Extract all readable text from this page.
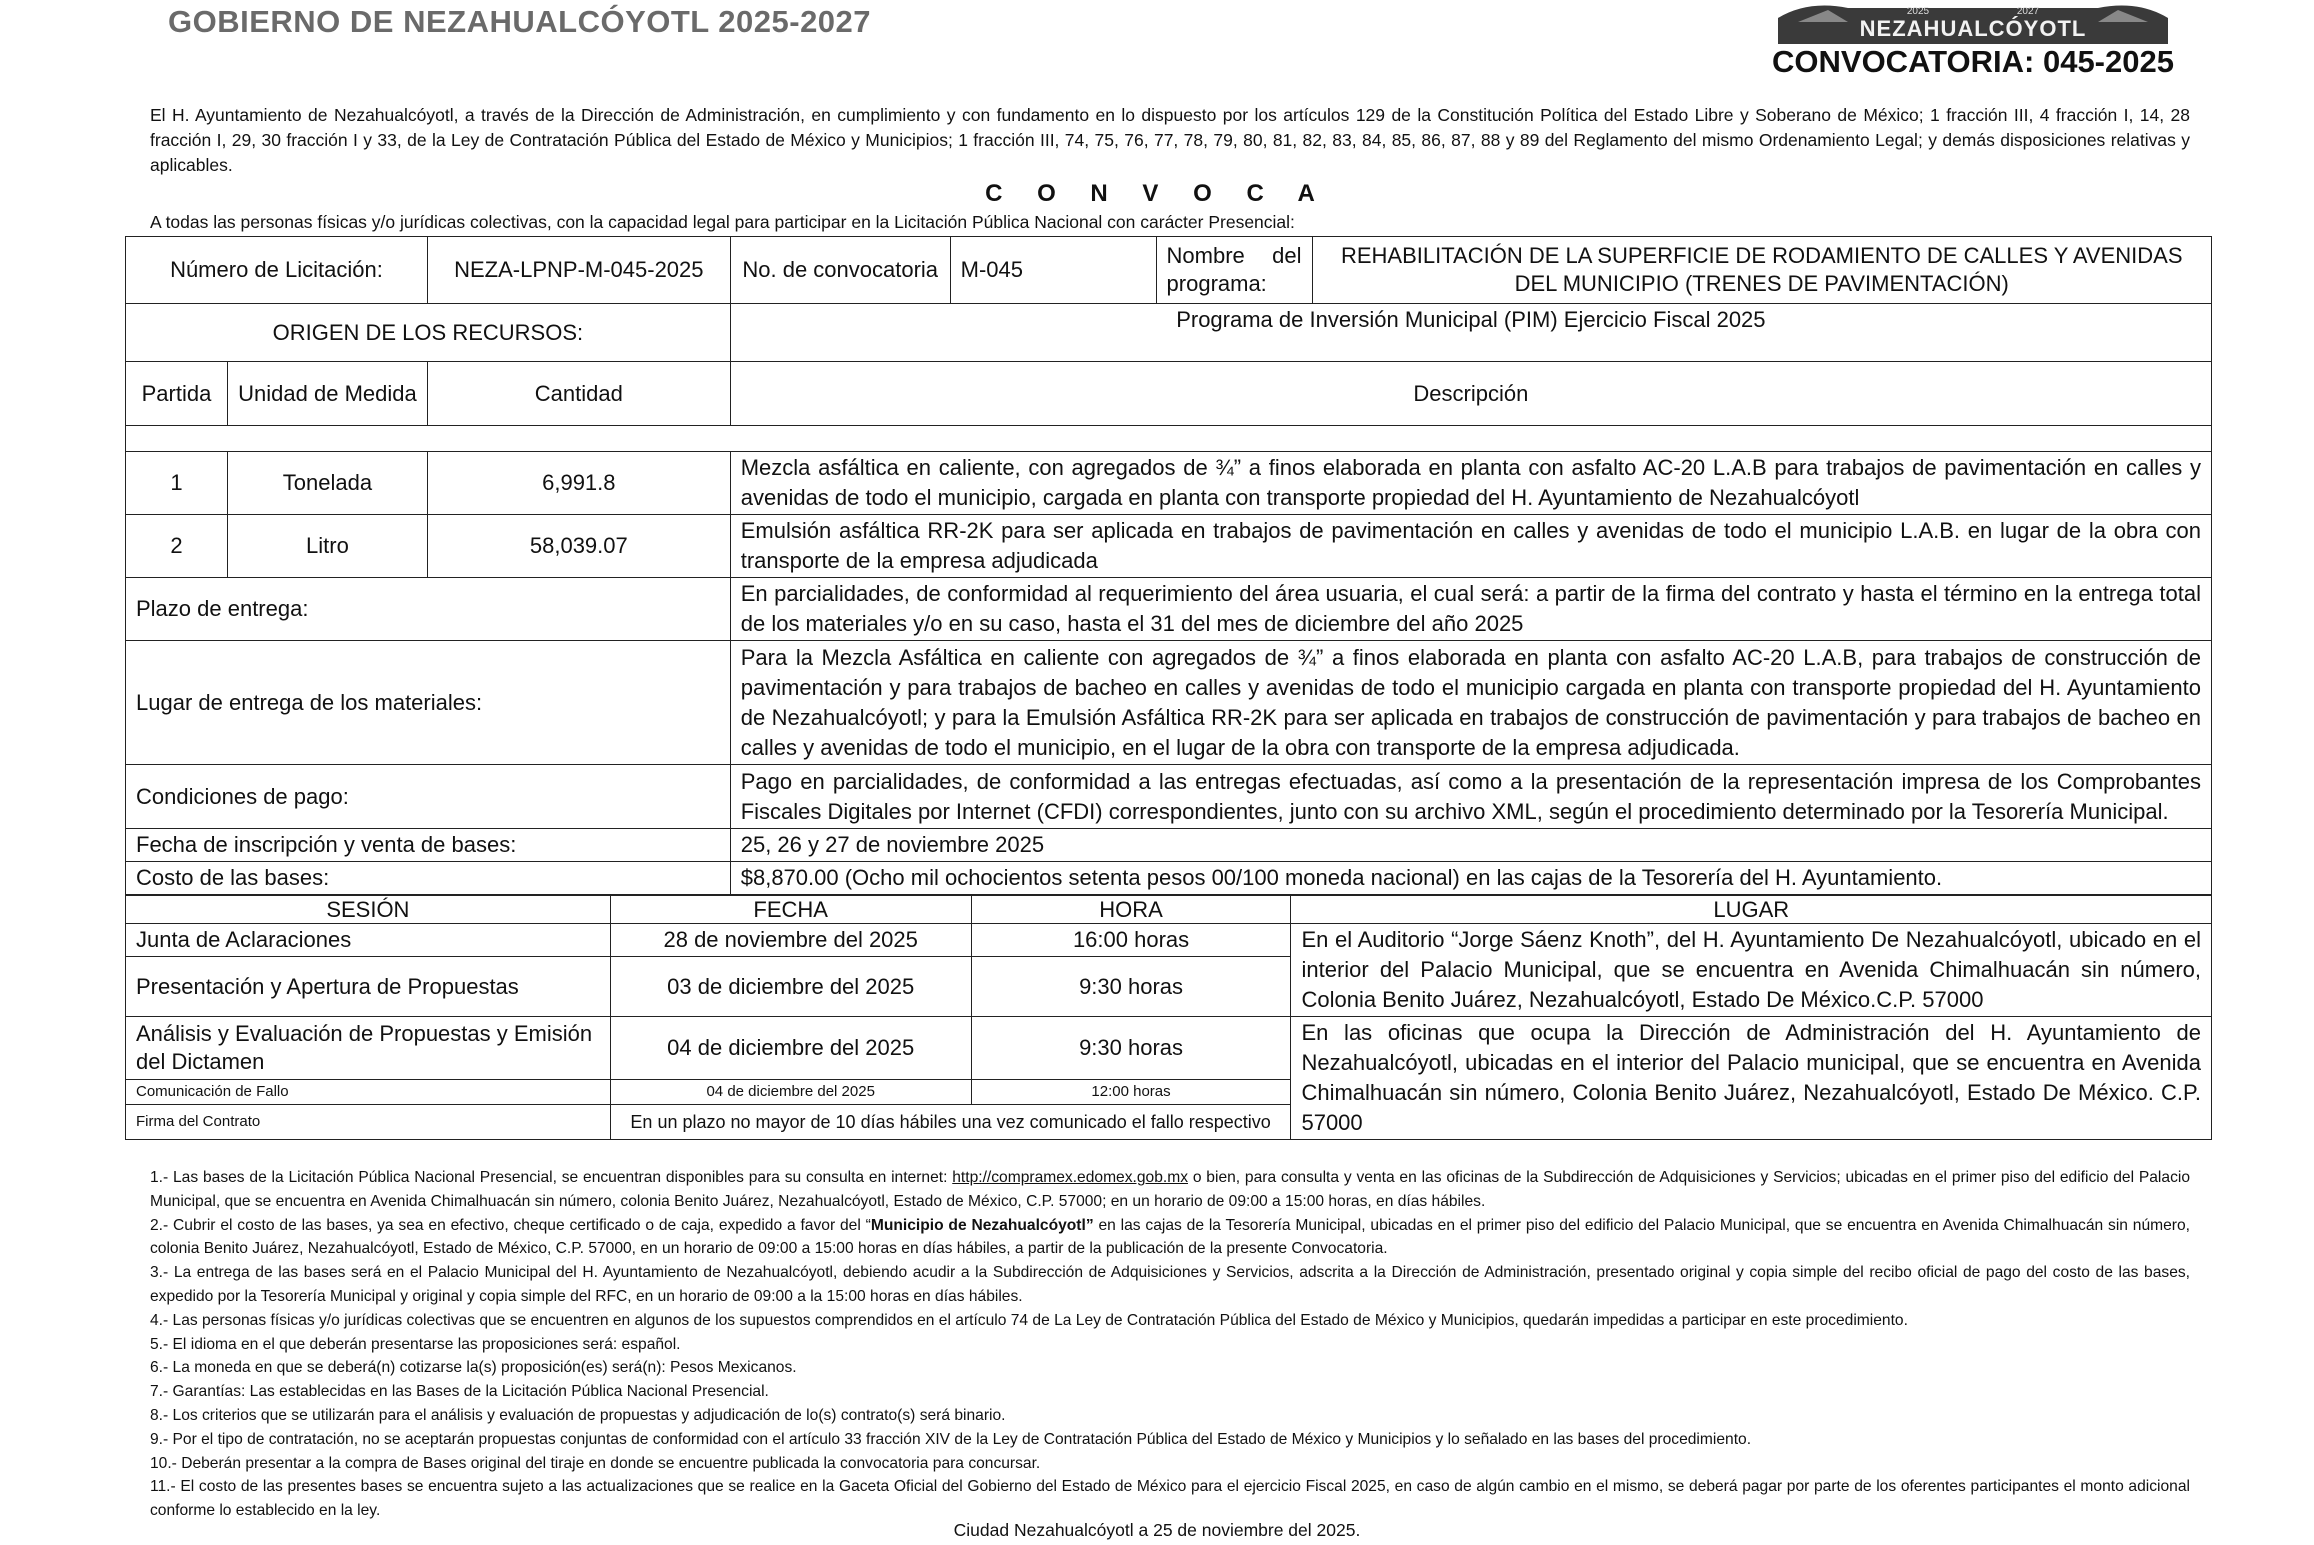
GOBIERNO DE NEZAHUALCÓYOTL 2025-2027	2025	2027
NEZAHUALCÓYOTL
CONVOCATORIA: 045-2025
El H. Ayuntamiento de Nezahualcóyotl, a través de la Dirección de Administración, en cumplimiento y con fundamento en lo dispuesto por los artículos 129 de la Constitución Política del Estado Libre y Soberano de México; 1 fracción III, 4 fracción I, 14, 28 fracción I, 29, 30 fracción I y 33, de la Ley de Contratación Pública del Estado de México y Municipios; 1 fracción III, 74, 75, 76, 77, 78, 79, 80, 81, 82, 83, 84, 85, 86, 87, 88 y 89 del Reglamento del mismo Ordenamiento Legal; y demás disposiciones relativas y aplicables.
C O N V O C A
A todas las personas físicas y/o jurídicas colectivas, con la capacidad legal para participar en la Licitación Pública Nacional con carácter Presencial:
Número de Licitación:		NEZA-LPNP-M-045-2025	No. de convocatoria	M-045	Nombre del programa:	REHABILITACIÓN DE LA SUPERFICIE DE RODAMIENTO DE CALLES Y AVENIDAS DEL MUNICIPIO (TRENES DE PAVIMENTACIÓN)
ORIGEN DE LOS RECURSOS:			Programa de Inversión Municipal (PIM) Ejercicio Fiscal 2025			
Partida	Unidad de Medida	Cantidad	Descripción			

1	Tonelada	6,991.8	Mezcla asfáltica en caliente, con agregados de ¾” a finos elaborada en planta con asfalto AC-20 L.A.B para trabajos de pavimentación en calles y avenidas de todo el municipio, cargada en planta con transporte propiedad del H. Ayuntamiento de Nezahualcóyotl			
2	Litro	58,039.07	Emulsión asfáltica RR-2K para ser aplicada en trabajos de pavimentación en calles y avenidas de todo el municipio L.A.B. en lugar de la obra con transporte de la empresa adjudicada			
Plazo de entrega:			En parcialidades, de conformidad al requerimiento del área usuaria, el cual será: a partir de la firma del contrato y hasta el término en la entrega total de los materiales y/o en su caso, hasta el 31 del mes de diciembre del año 2025			
Lugar de entrega de los materiales:			Para la Mezcla Asfáltica en caliente con agregados de ¾” a finos elaborada en planta con asfalto AC-20 L.A.B, para trabajos de construcción de pavimentación y para trabajos de bacheo en calles y avenidas de todo el municipio cargada en planta con transporte propiedad del H. Ayuntamiento de Nezahualcóyotl; y para la Emulsión Asfáltica RR-2K para ser aplicada en trabajos de construcción de pavimentación y para trabajos de bacheo en calles y avenidas de todo el municipio, en el lugar de la obra con transporte de la empresa adjudicada.			
Condiciones de pago:			Pago en parcialidades, de conformidad a las entregas efectuadas, así como a la presentación de la representación impresa de los Comprobantes Fiscales Digitales por Internet (CFDI) correspondientes, junto con su archivo XML, según el procedimiento determinado por la Tesorería Municipal.			
Fecha de inscripción y venta de bases:			25, 26 y 27 de noviembre 2025			
Costo de las bases:			$8,870.00 (Ocho mil ochocientos setenta pesos 00/100 moneda nacional) en las cajas de la Tesorería del H. Ayuntamiento.			
SESIÓN	FECHA	HORA	LUGAR
Junta de Aclaraciones	28 de noviembre del 2025	16:00 horas	En el Auditorio “Jorge Sáenz Knoth”, del H. Ayuntamiento De Nezahualcóyotl, ubicado en el interior del Palacio Municipal, que se encuentra en Avenida Chimalhuacán sin número, Colonia Benito Juárez, Nezahualcóyotl, Estado De México.C.P. 57000
Presentación y Apertura de Propuestas	03 de diciembre del 2025	9:30 horas	
Análisis y Evaluación de Propuestas y Emisión del Dictamen	04 de diciembre del 2025	9:30 horas	En las oficinas que ocupa la Dirección de Administración del H. Ayuntamiento de Nezahualcóyotl, ubicadas en el interior del Palacio municipal, que se encuentra en Avenida Chimalhuacán sin número, Colonia Benito Juárez, Nezahualcóyotl, Estado De México. C.P. 57000
Comunicación de Fallo	04 de diciembre del 2025	12:00 horas	
Firma del Contrato	En un plazo no mayor de 10 días hábiles una vez comunicado el fallo respectivo		

1.- Las bases de la Licitación Pública Nacional Presencial, se encuentran disponibles para su consulta en internet: http://compramex.edomex.gob.mx o bien, para consulta y venta en las oficinas de la Subdirección de Adquisiciones y Servicios; ubicadas en el primer piso del edificio del Palacio Municipal, que se encuentra en Avenida Chimalhuacán sin número, colonia Benito Juárez, Nezahualcóyotl, Estado de México, C.P. 57000; en un horario de 09:00 a 15:00 horas, en días hábiles.

2.- Cubrir el costo de las bases, ya sea en efectivo, cheque certificado o de caja, expedido a favor del “Municipio de Nezahualcóyotl” en las cajas de la Tesorería Municipal, ubicadas en el primer piso del edificio del Palacio Municipal, que se encuentra en Avenida Chimalhuacán sin número, colonia Benito Juárez, Nezahualcóyotl, Estado de México, C.P. 57000, en un horario de 09:00 a 15:00 horas en días hábiles, a partir de la publicación de la presente Convocatoria.

3.- La entrega de las bases será en el Palacio Municipal del H. Ayuntamiento de Nezahualcóyotl, debiendo acudir a la Subdirección de Adquisiciones y Servicios, adscrita a la Dirección de Administración, presentado original y copia simple del recibo oficial de pago del costo de las bases, expedido por la Tesorería Municipal y original y copia simple del RFC, en un horario de 09:00 a la 15:00 horas en días hábiles.

4.- Las personas físicas y/o jurídicas colectivas que se encuentren en algunos de los supuestos comprendidos en el artículo 74 de La Ley de Contratación Pública del Estado de México y Municipios, quedarán impedidas a participar en este procedimiento.

5.- El idioma en el que deberán presentarse las proposiciones será: español.

6.- La moneda en que se deberá(n) cotizarse la(s) proposición(es) será(n): Pesos Mexicanos.

7.- Garantías: Las establecidas en las Bases de la Licitación Pública Nacional Presencial.

8.- Los criterios que se utilizarán para el análisis y evaluación de propuestas y adjudicación de lo(s) contrato(s) será binario.

9.- Por el tipo de contratación, no se aceptarán propuestas conjuntas de conformidad con el artículo 33 fracción XIV de la Ley de Contratación Pública del Estado de México y Municipios y lo señalado en las bases del procedimiento.

10.- Deberán presentar a la compra de Bases original del tiraje en donde se encuentre publicada la convocatoria para concursar.

11.- El costo de las presentes bases se encuentra sujeto a las actualizaciones que se realice en la Gaceta Oficial del Gobierno del Estado de México para el ejercicio Fiscal 2025, en caso de algún cambio en el mismo, se deberá pagar por parte de los oferentes participantes el monto adicional conforme lo establecido en la ley.

Ciudad Nezahualcóyotl a 25 de noviembre del 2025.
